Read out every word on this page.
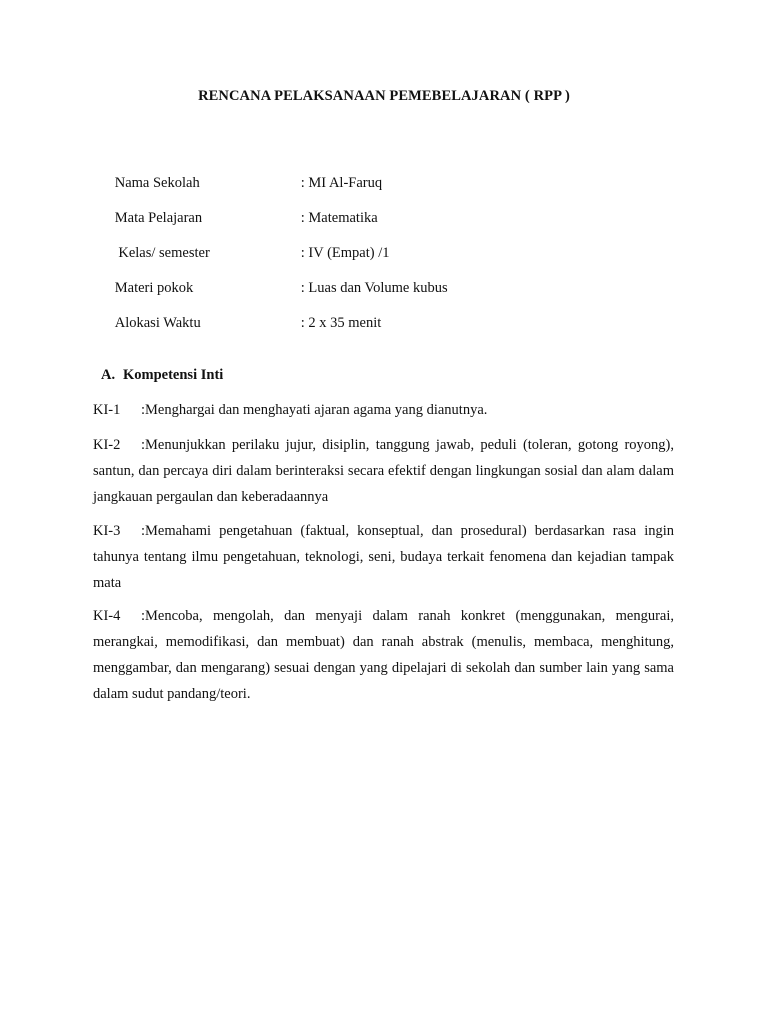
RENCANA PELAKSANAAN PEMEBELAJARAN ( RPP )

Nama Sekolah	: MI Al-Faruq

Mata Pelajaran	: Matematika

Kelas/ semester	: IV (Empat) /1

Materi pokok	: Luas dan Volume kubus

Alokasi Waktu	: 2 x 35 menit

A. Kompetensi Inti
KI-1 :Menghargai dan menghayati ajaran agama yang dianutnya.
KI-2 :Menunjukkan perilaku jujur, disiplin, tanggung jawab, peduli (toleran, gotong royong), santun, dan percaya diri dalam berinteraksi secara efektif dengan lingkungan sosial dan alam dalam jangkauan pergaulan dan keberadaannya
KI-3 :Memahami pengetahuan (faktual, konseptual, dan prosedural) berdasarkan rasa ingin tahunya tentang ilmu pengetahuan, teknologi, seni, budaya terkait fenomena dan kejadian tampak mata
KI-4 :Mencoba, mengolah, dan menyaji dalam ranah konkret (menggunakan, mengurai, merangkai, memodifikasi, dan membuat) dan ranah abstrak (menulis, membaca, menghitung, menggambar, dan mengarang) sesuai dengan yang dipelajari di sekolah dan sumber lain yang sama dalam sudut pandang/teori.
